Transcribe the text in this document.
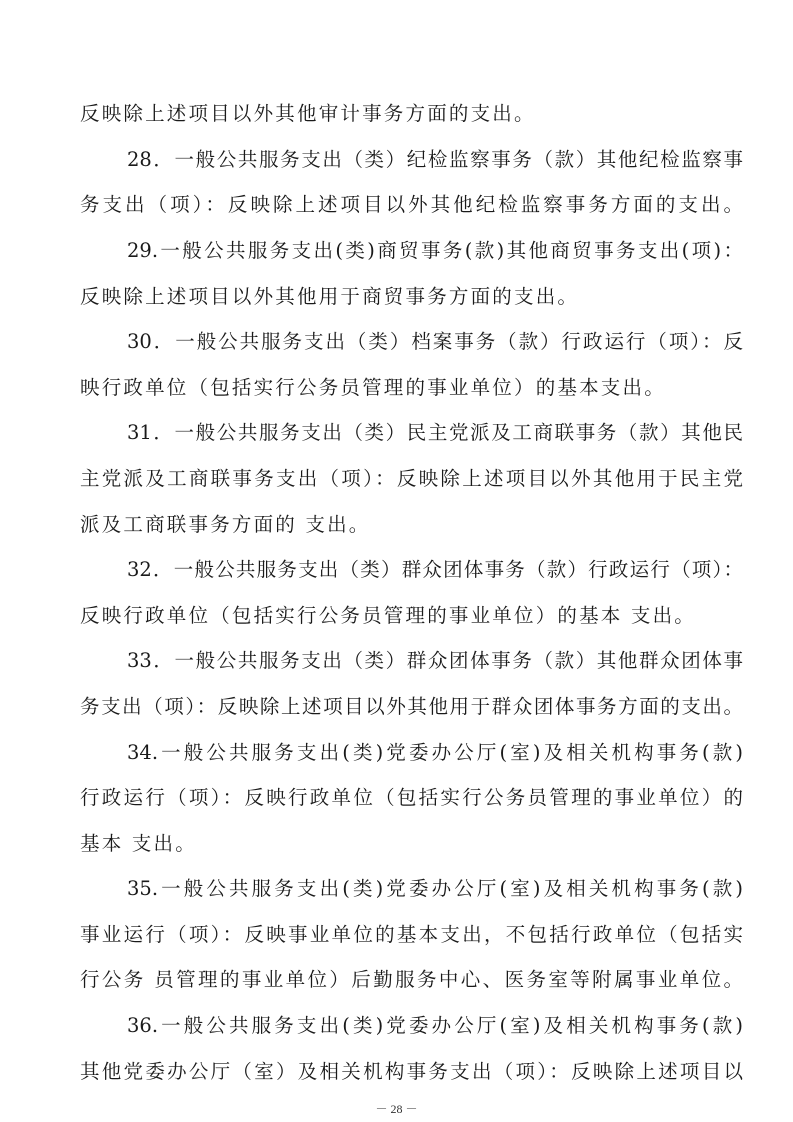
反映除上述项目以外其他审计事务方面的支出。
28．一般公共服务支出（类）纪检监察事务（款）其他纪检监察事
务支出（项）：反映除上述项目以外其他纪检监察事务方面的支出。
29.一般公共服务支出(类)商贸事务(款)其他商贸事务支出(项)：
反映除上述项目以外其他用于商贸事务方面的支出。
30．一般公共服务支出（类）档案事务（款）行政运行（项）：反
映行政单位（包括实行公务员管理的事业单位）的基本支出。
31．一般公共服务支出（类）民主党派及工商联事务（款）其他民
主党派及工商联事务支出（项）：反映除上述项目以外其他用于民主党
派及工商联事务方面的 支出。
32．一般公共服务支出（类）群众团体事务（款）行政运行（项）：
反映行政单位（包括实行公务员管理的事业单位）的基本 支出。
33．一般公共服务支出（类）群众团体事务（款）其他群众团体事
务支出（项）：反映除上述项目以外其他用于群众团体事务方面的支出。
34.一般公共服务支出(类)党委办公厅(室)及相关机构事务(款)
行政运行（项）：反映行政单位（包括实行公务员管理的事业单位）的
基本 支出。
35.一般公共服务支出(类)党委办公厅(室)及相关机构事务(款)
事业运行（项）：反映事业单位的基本支出，不包括行政单位（包括实
行公务 员管理的事业单位）后勤服务中心、医务室等附属事业单位。
36.一般公共服务支出(类)党委办公厅(室)及相关机构事务(款)
其他党委办公厅（室）及相关机构事务支出（项）：反映除上述项目以
－ 28 －
